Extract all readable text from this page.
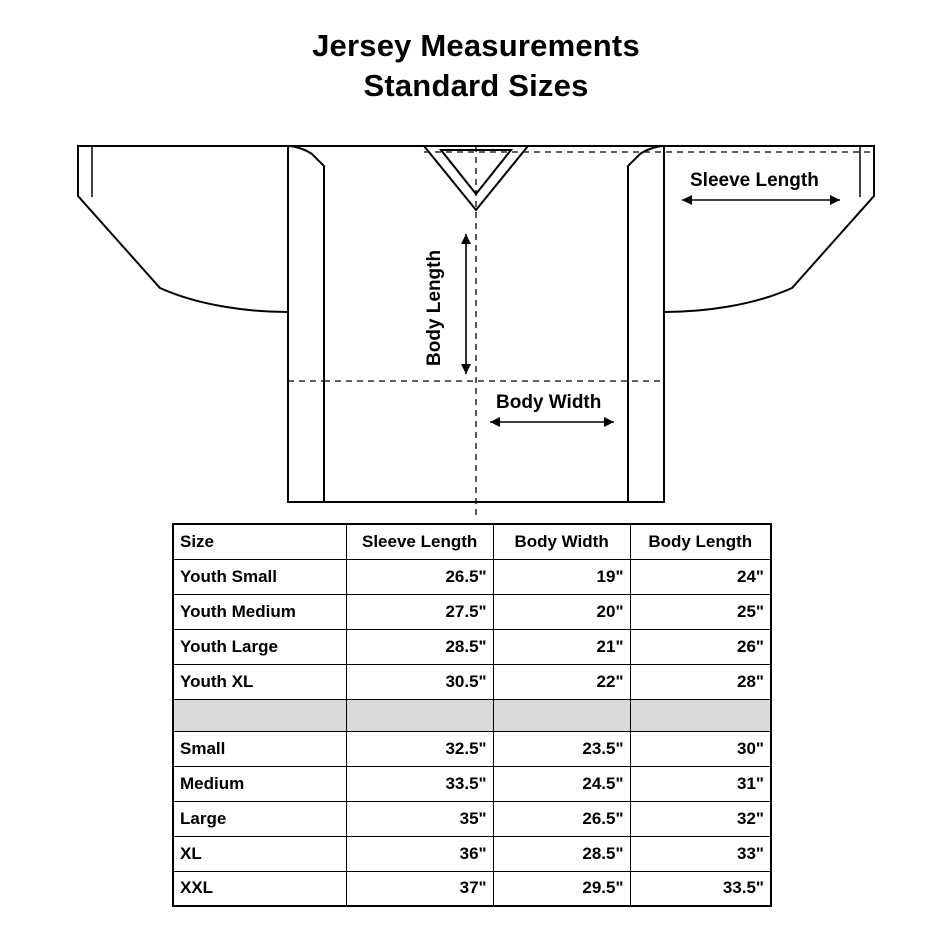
Jersey Measurements
Standard Sizes
Sleeve Length
Body Length
Body Width
Size	Sleeve Length	Body Width	Body Length
Youth Small	26.5"	19"	24"
Youth Medium	27.5"	20"	25"
Youth Large	28.5"	21"	26"
Youth XL	30.5"	22"	28"

Small	32.5"	23.5"	30"
Medium	33.5"	24.5"	31"
Large	35"	26.5"	32"
XL	36"	28.5"	33"
XXL	37"	29.5"	33.5"
